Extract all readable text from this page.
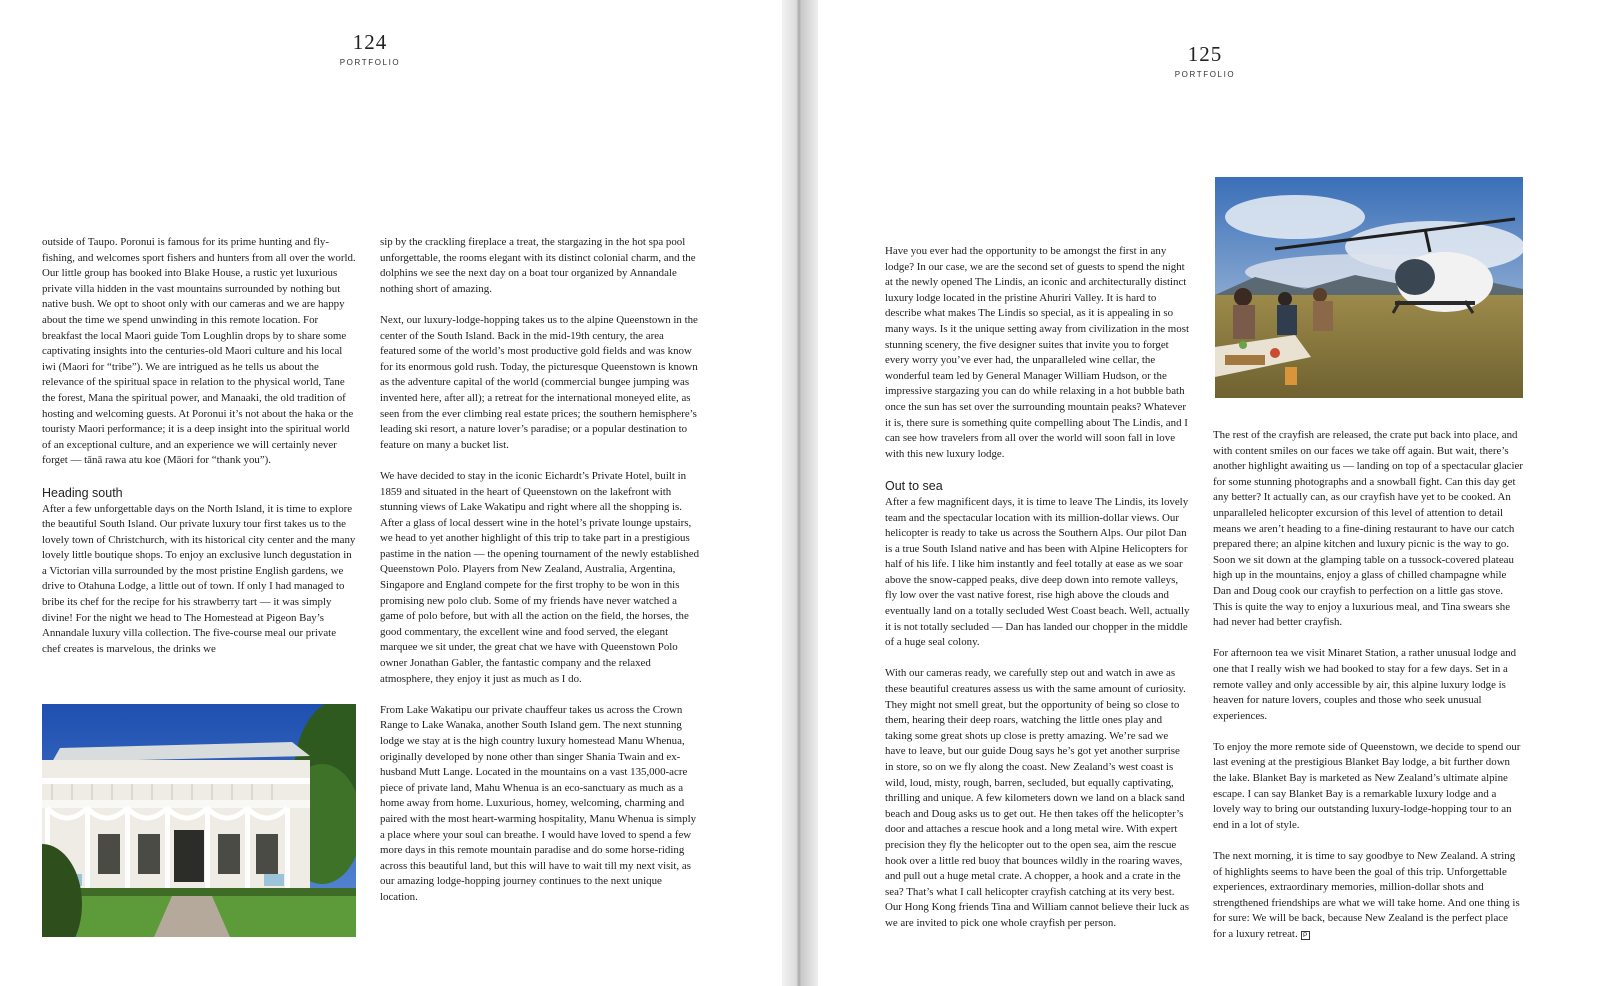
124
PORTFOLIO

outside of Taupo. Poronui is famous for its prime hunting and fly-fishing, and welcomes sport fishers and hunters from all over the world. Our little group has booked into Blake House, a rustic yet luxurious private villa hidden in the vast mountains surrounded by nothing but native bush. We opt to shoot only with our cameras and we are happy about the time we spend unwinding in this remote location. For breakfast the local Maori guide Tom Loughlin drops by to share some captivating insights into the centuries-old Maori culture and his local iwi (Maori for “tribe”). We are intrigued as he tells us about the relevance of the spiritual space in relation to the physical world, Tane the forest, Mana the spiritual power, and Manaaki, the old tradition of hosting and welcoming guests. At Poronui it’s not about the haka or the touristy Maori performance; it is a deep insight into the spiritual world of an exceptional culture, and an experience we will certainly never forget — tānā rawa atu koe (Māori for “thank you”).

Heading south

After a few unforgettable days on the North Island, it is time to explore the beautiful South Island. Our private luxury tour first takes us to the lovely town of Christchurch, with its historical city center and the many lovely little boutique shops. To enjoy an exclusive lunch degustation in a Victorian villa surrounded by the most pristine English gardens, we drive to Otahuna Lodge, a little out of town. If only I had managed to bribe its chef for the recipe for his strawberry tart — it was simply divine! For the night we head to The Homestead at Pigeon Bay’s Annandale luxury villa collection. The five-course meal our private chef creates is marvelous, the drinks we

sip by the crackling fireplace a treat, the stargazing in the hot spa pool unforgettable, the rooms elegant with its distinct colonial charm, and the dolphins we see the next day on a boat tour organized by Annandale nothing short of amazing.

Next, our luxury-lodge-hopping takes us to the alpine Queenstown in the center of the South Island. Back in the mid-19th century, the area featured some of the world’s most productive gold fields and was know for its enormous gold rush. Today, the picturesque Queenstown is known as the adventure capital of the world (commercial bungee jumping was invented here, after all); a retreat for the international moneyed elite, as seen from the ever climbing real estate prices; the southern hemisphere’s leading ski resort, a nature lover’s paradise; or a popular destination to feature on many a bucket list.

We have decided to stay in the iconic Eichardt’s Private Hotel, built in 1859 and situated in the heart of Queenstown on the lakefront with stunning views of Lake Wakatipu and right where all the shopping is. After a glass of local dessert wine in the hotel’s private lounge upstairs, we head to yet another highlight of this trip to take part in a prestigious pastime in the nation — the opening tournament of the newly established Queenstown Polo. Players from New Zealand, Australia, Argentina, Singapore and England compete for the first trophy to be won in this promising new polo club. Some of my friends have never watched a game of polo before, but with all the action on the field, the horses, the good commentary, the excellent wine and food served, the elegant marquee we sit under, the great chat we have with Queenstown Polo owner Jonathan Gabler, the fantastic company and the relaxed atmosphere, they enjoy it just as much as I do.

From Lake Wakatipu our private chauffeur takes us across the Crown Range to Lake Wanaka, another South Island gem. The next stunning lodge we stay at is the high country luxury homestead Manu Whenua, originally developed by none other than singer Shania Twain and ex-husband Mutt Lange. Located in the mountains on a vast 135,000-acre piece of private land, Mahu Whenua is an eco-sanctuary as much as a home away from home. Luxurious, homey, welcoming, charming and paired with the most heart-warming hospitality, Manu Whenua is simply a place where your soul can breathe. I would have loved to spend a few more days in this remote mountain paradise and do some horse-riding across this beautiful land, but this will have to wait till my next visit, as our amazing lodge-hopping journey continues to the next unique location.

125
PORTFOLIO

Have you ever had the opportunity to be amongst the first in any lodge? In our case, we are the second set of guests to spend the night at the newly opened The Lindis, an iconic and architecturally distinct luxury lodge located in the pristine Ahuriri Valley. It is hard to describe what makes The Lindis so special, as it is appealing in so many ways. Is it the unique setting away from civilization in the most stunning scenery, the five designer suites that invite you to forget every worry you’ve ever had, the unparalleled wine cellar, the wonderful team led by General Manager William Hudson, or the impressive stargazing you can do while relaxing in a hot bubble bath once the sun has set over the surrounding mountain peaks? Whatever it is, there sure is something quite compelling about The Lindis, and I can see how travelers from all over the world will soon fall in love with this new luxury lodge.

Out to sea

After a few magnificent days, it is time to leave The Lindis, its lovely team and the spectacular location with its million-dollar views. Our helicopter is ready to take us across the Southern Alps. Our pilot Dan is a true South Island native and has been with Alpine Helicopters for half of his life. I like him instantly and feel totally at ease as we soar above the snow-capped peaks, dive deep down into remote valleys, fly low over the vast native forest, rise high above the clouds and eventually land on a totally secluded West Coast beach. Well, actually it is not totally secluded — Dan has landed our chopper in the middle of a huge seal colony.

With our cameras ready, we carefully step out and watch in awe as these beautiful creatures assess us with the same amount of curiosity. They might not smell great, but the opportunity of being so close to them, hearing their deep roars, watching the little ones play and taking some great shots up close is pretty amazing. We’re sad we have to leave, but our guide Doug says he’s got yet another surprise in store, so on we fly along the coast. New Zealand’s west coast is wild, loud, misty, rough, barren, secluded, but equally captivating, thrilling and unique. A few kilometers down we land on a black sand beach and Doug asks us to get out. He then takes off the helicopter’s door and attaches a rescue hook and a long metal wire. With expert precision they fly the helicopter out to the open sea, aim the rescue hook over a little red buoy that bounces wildly in the roaring waves, and pull out a huge metal crate. A chopper, a hook and a crate in the sea? That’s what I call helicopter crayfish catching at its very best. Our Hong Kong friends Tina and William cannot believe their luck as we are invited to pick one whole crayfish per person.

The rest of the crayfish are released, the crate put back into place, and with content smiles on our faces we take off again. But wait, there’s another highlight awaiting us — landing on top of a spectacular glacier for some stunning photographs and a snowball fight. Can this day get any better? It actually can, as our crayfish have yet to be cooked. An unparalleled helicopter excursion of this level of attention to detail means we aren’t heading to a fine-dining restaurant to have our catch prepared there; an alpine kitchen and luxury picnic is the way to go. Soon we sit down at the glamping table on a tussock-covered plateau high up in the mountains, enjoy a glass of chilled champagne while Dan and Doug cook our crayfish to perfection on a little gas stove. This is quite the way to enjoy a luxurious meal, and Tina swears she had never had better crayfish.

For afternoon tea we visit Minaret Station, a rather unusual lodge and one that I really wish we had booked to stay for a few days. Set in a remote valley and only accessible by air, this alpine luxury lodge is heaven for nature lovers, couples and those who seek unusual experiences.

To enjoy the more remote side of Queenstown, we decide to spend our last evening at the prestigious Blanket Bay lodge, a bit further down the lake. Blanket Bay is marketed as New Zealand’s ultimate alpine escape. I can say Blanket Bay is a remarkable luxury lodge and a lovely way to bring our outstanding luxury-lodge-hopping tour to an end in a lot of style.

The next morning, it is time to say goodbye to New Zealand. A string of highlights seems to have been the goal of this trip. Unforgettable experiences, extraordinary memories, million-dollar shots and strengthened friendships are what we will take home. And one thing is for sure: We will be back, because New Zealand is the perfect place for a luxury retreat. P
